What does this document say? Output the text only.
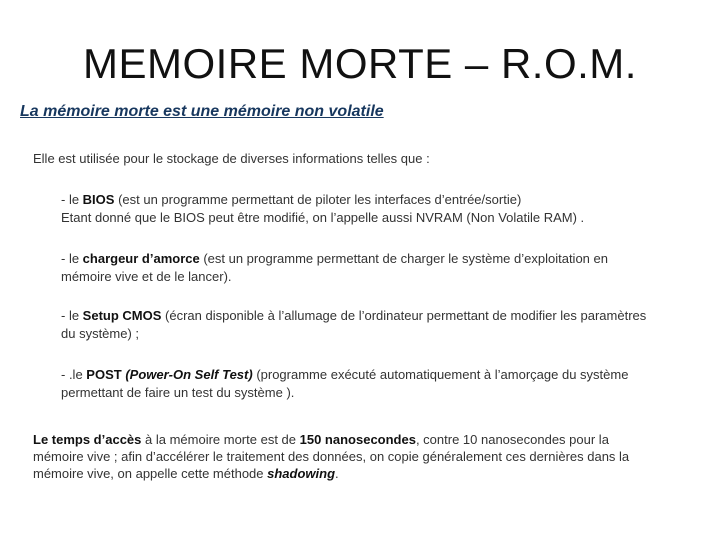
MEMOIRE MORTE – R.O.M.
La mémoire morte est une mémoire non volatile
Elle est utilisée pour le stockage de diverses informations telles que :
- le BIOS (est un programme permettant de piloter les interfaces d’entrée/sortie)
Etant donné que le BIOS peut être modifié, on l’appelle aussi NVRAM (Non Volatile RAM) .
- le chargeur d’amorce (est un programme permettant de charger le système d’exploitation en
mémoire vive et de le lancer).
- le Setup CMOS (écran disponible à l’allumage de l’ordinateur permettant de modifier les paramètres
du système) ;
- .le POST (Power-On Self Test) (programme exécuté automatiquement à l’amorçage du système
permettant de faire un test du système ).
Le temps d’accès à la mémoire morte est de 150 nanosecondes, contre 10 nanosecondes pour la
mémoire vive ; afin d’accélérer le traitement des données, on copie généralement ces dernières dans la
mémoire vive, on appelle cette méthode shadowing.
